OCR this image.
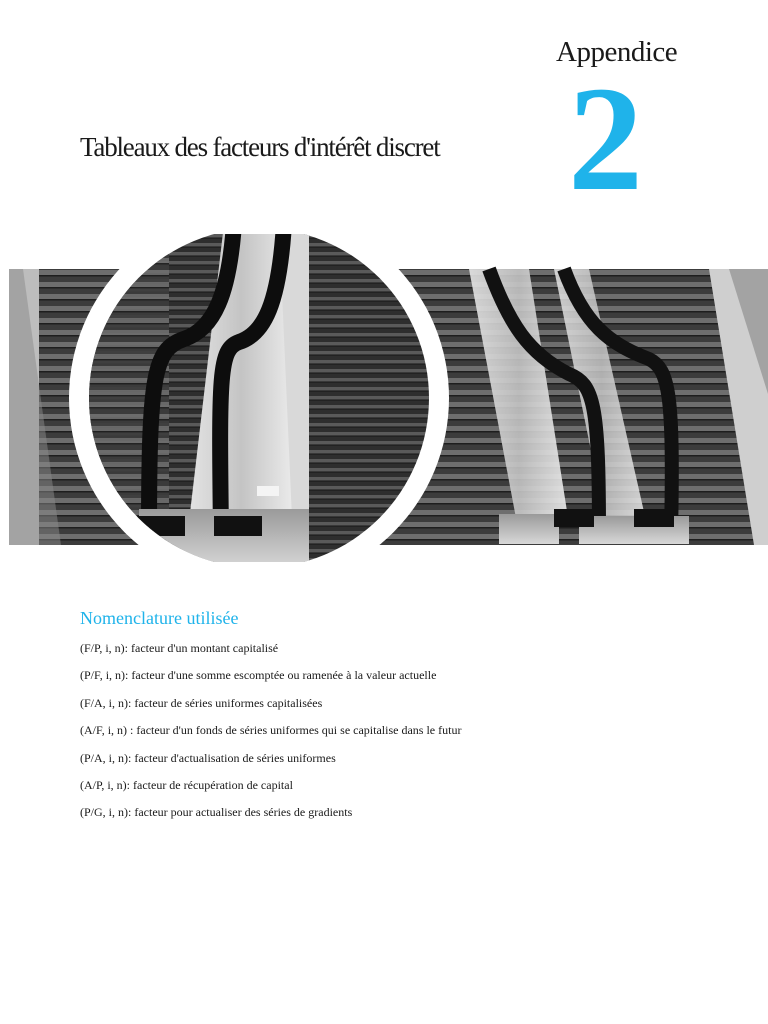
Appendice
2
Tableaux des facteurs d'intérêt discret
Nomenclature utilisée
(F/P, i, n): facteur d'un montant capitalisé
(P/F, i, n): facteur d'une somme escomptée ou ramenée à la valeur actuelle
(F/A, i, n): facteur de séries uniformes capitalisées
(A/F, i, n) : facteur d'un fonds de séries uniformes qui se capitalise dans le futur
(P/A, i, n): facteur d'actualisation de séries uniformes
(A/P, i, n): facteur de récupération de capital
(P/G, i, n): facteur pour actualiser des séries de gradients
